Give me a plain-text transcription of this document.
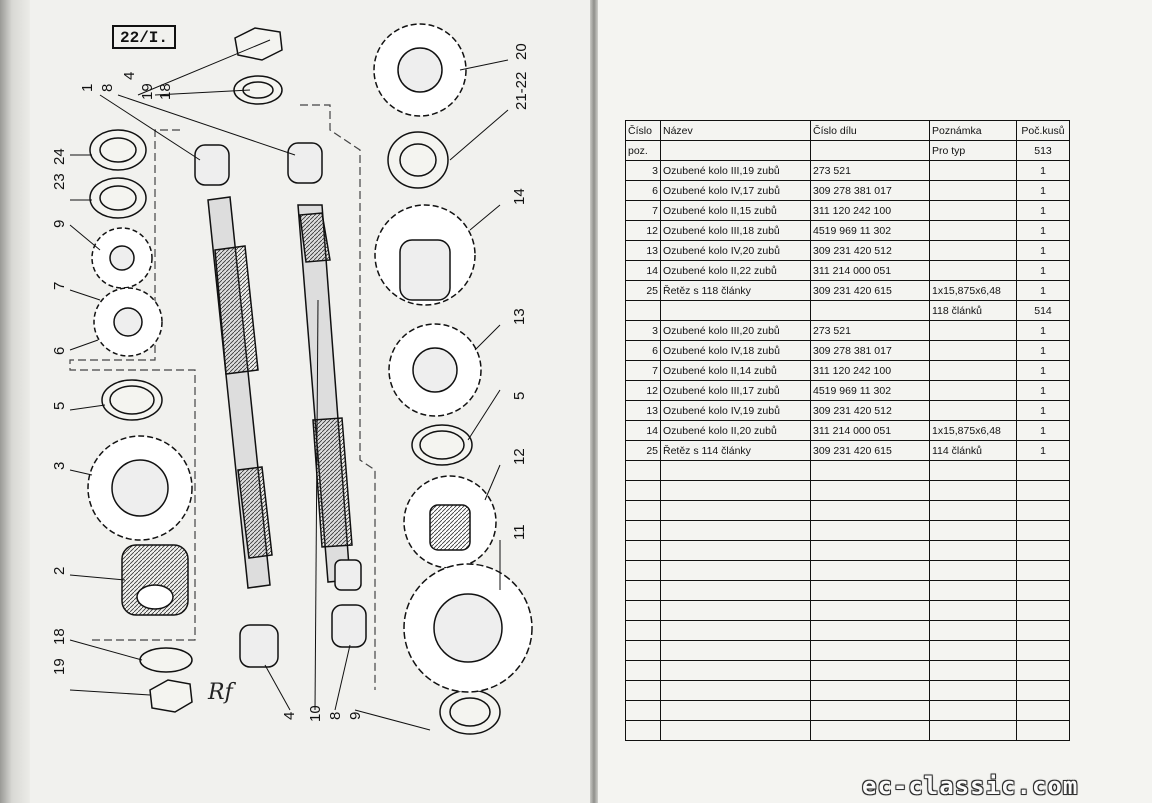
22/I.
1 8
4
19 18
20
21-22
24
23
9
7
6
5
3
2
14
13
12
11
18
19
4 10 8 9
5
Rf
Číslo	Název	Číslo dílu	Poznámka	Poč.kusů
poz.			Pro typ	513
3	Ozubené kolo III,19 zubů	273 521		1
6	Ozubené kolo IV,17 zubů	309 278 381 017		1
7	Ozubené kolo II,15 zubů	311 120 242 100		1
12	Ozubené kolo III,18 zubů	4519 969 11 302		1
13	Ozubené kolo IV,20 zubů	309 231 420 512		1
14	Ozubené kolo II,22 zubů	311 214 000 051		1
25	Řetěz s 118 články	309 231 420 615	1x15,875x6,48	1
			118 článků	514
3	Ozubené kolo III,20 zubů	273 521		1
6	Ozubené kolo IV,18 zubů	309 278 381 017		1
7	Ozubené kolo II,14 zubů	311 120 242 100		1
12	Ozubené kolo III,17 zubů	4519 969 11 302		1
13	Ozubené kolo IV,19 zubů	309 231 420 512		1
14	Ozubené kolo II,20 zubů	311 214 000 051	1x15,875x6,48	1
25	Řetěz s 114 články	309 231 420 615	114 článků	1

ec-classic.com
